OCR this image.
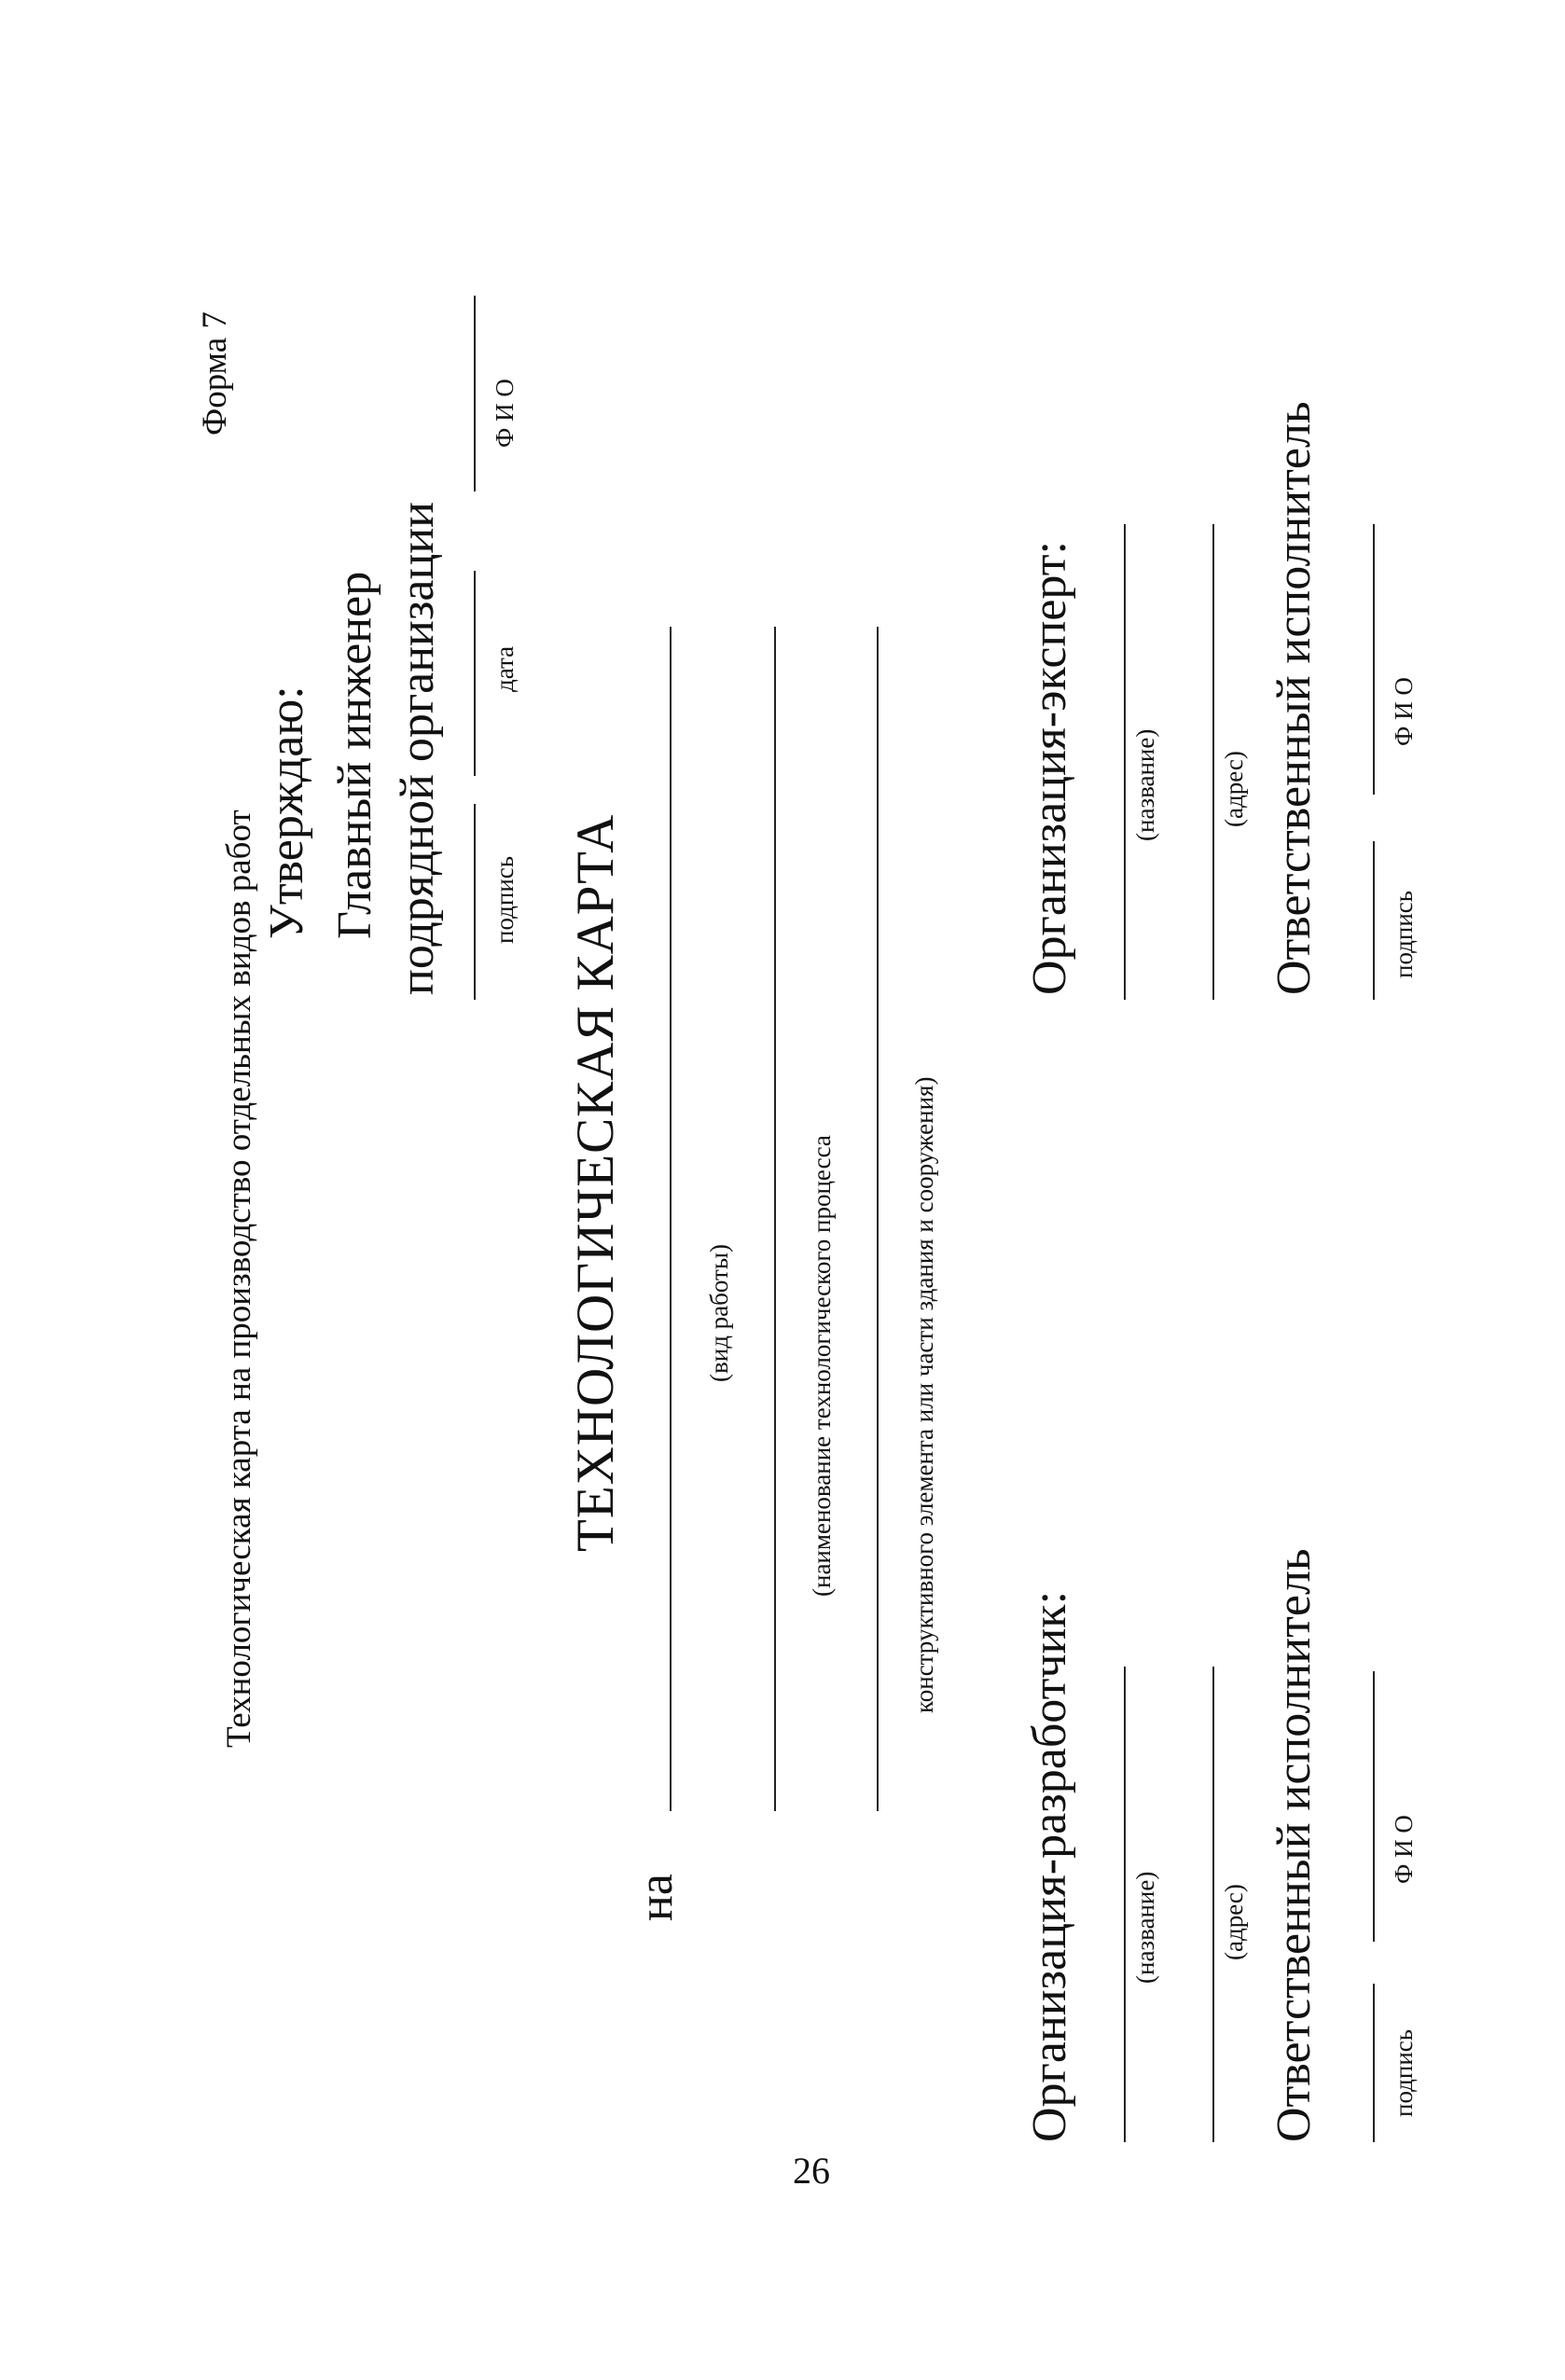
Форма 7
Технологическая карта на производство отдельных видов работ Утверждаю: Главный инженер подрядной организации подпись
дата
Ф И О
ТЕХНОЛОГИЧЕСКАЯ КАРТА
на
(вид работы)	(наименование технологического процесса	конструктивного элемента или части здания и сооружения)
Организация-разработчик: (название) (адрес) Ответственный исполнитель	подпись
Ф И О
Организация-эксперт: (название) (адрес) Ответственный исполнитель	подпись
Ф И О
26
